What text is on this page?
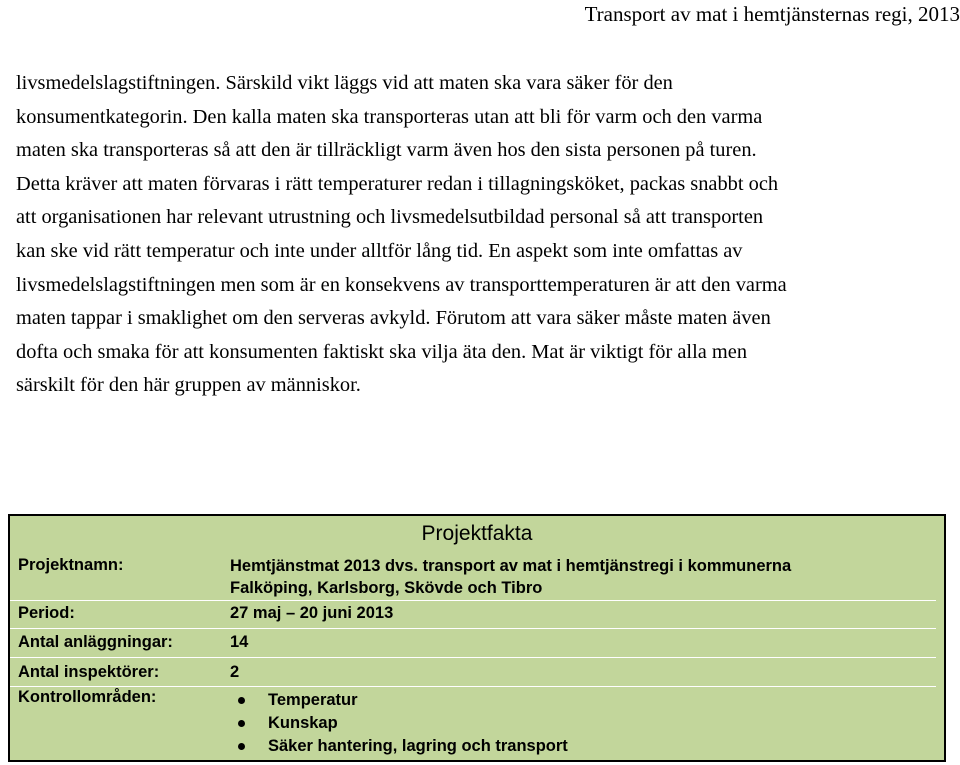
Transport av mat i hemtjänsternas regi, 2013
livsmedelslagstiftningen. Särskild vikt läggs vid att maten ska vara säker för den
konsumentkategorin. Den kalla maten ska transporteras utan att bli för varm och den varma
maten ska transporteras så att den är tillräckligt varm även hos den sista personen på turen.
Detta kräver att maten förvaras i rätt temperaturer redan i tillagningsköket, packas snabbt och
att organisationen har relevant utrustning och livsmedelsutbildad personal så att transporten
kan ske vid rätt temperatur och inte under alltför lång tid. En aspekt som inte omfattas av
livsmedelslagstiftningen men som är en konsekvens av transporttemperaturen är att den varma
maten tappar i smaklighet om den serveras avkyld. Förutom att vara säker måste maten även
dofta och smaka för att konsumenten faktiskt ska vilja äta den. Mat är viktigt för alla men
särskilt för den här gruppen av människor.
Projektfakta
Projektnamn:	Hemtjänstmat 2013 dvs. transport av mat i hemtjänstregi i kommunerna
Falköping, Karlsborg, Skövde och Tibro
Period:	27 maj – 20 juni 2013
Antal anläggningar:	14
Antal inspektörer:	2
Kontrollområden:	Temperatur
Kunskap
Säker hantering, lagring och transport
